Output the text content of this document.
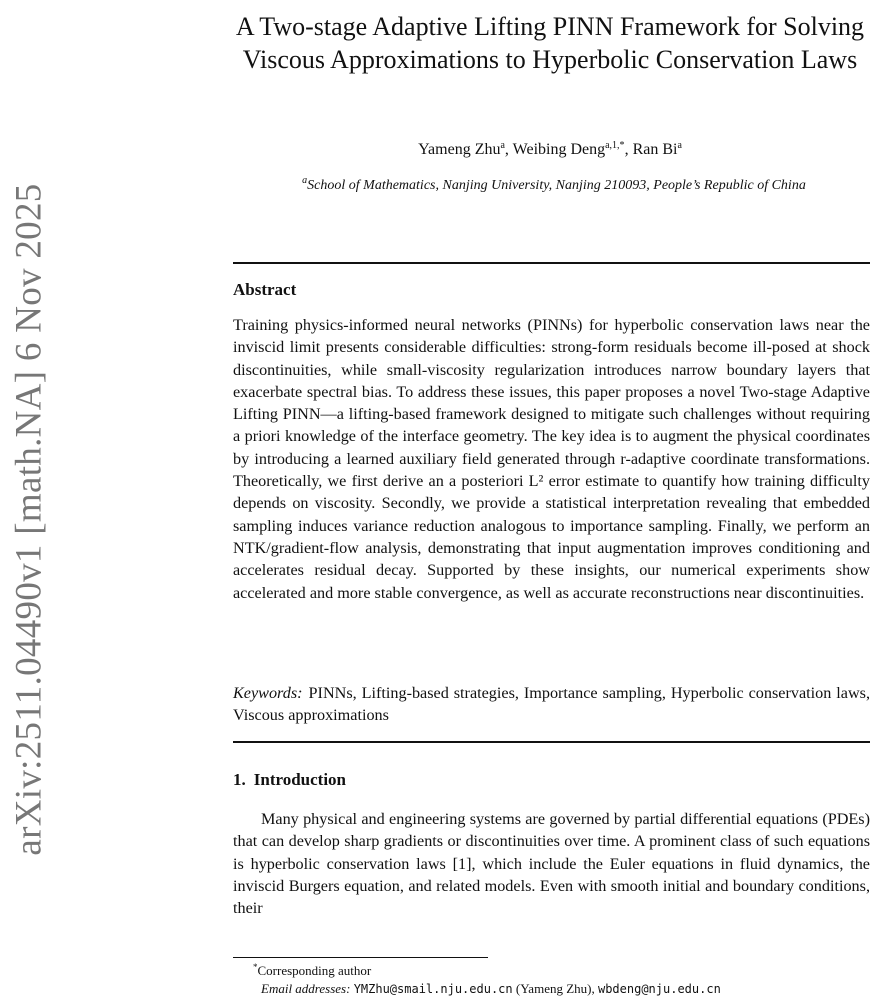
arXiv:2511.04490v1 [math.NA] 6 Nov 2025
A Two-stage Adaptive Lifting PINN Framework for Solving Viscous Approximations to Hyperbolic Conservation Laws
Yameng Zhu$^a$, Weibing Deng$^{a,1,*}$, Ran Bi$^a$
$^a$School of Mathematics, Nanjing University, Nanjing 210093, People’s Republic of China
Abstract
Training physics-informed neural networks (PINNs) for hyperbolic conservation laws near the inviscid limit presents considerable difficulties: strong-form residuals become ill-posed at shock discontinuities, while small-viscosity regularization introduces narrow boundary layers that exacerbate spectral bias. To address these issues, this paper proposes a novel Two-stage Adaptive Lifting PINN—a lifting-based framework designed to mitigate such challenges without requiring a priori knowledge of the interface geometry. The key idea is to augment the physical coordinates by introducing a learned auxiliary field generated through r-adaptive coordinate transformations. Theoretically, we first derive an a posteriori L² error estimate to quantify how training difficulty depends on viscosity. Secondly, we provide a statistical interpretation revealing that embedded sampling induces variance reduction analogous to importance sampling. Finally, we perform an NTK/gradient-flow analysis, demonstrating that input augmentation improves conditioning and accelerates residual decay. Supported by these insights, our numerical experiments show accelerated and more stable convergence, as well as accurate reconstructions near discontinuities.
Keywords: PINNs, Lifting-based strategies, Importance sampling, Hyperbolic conservation laws, Viscous approximations
1. Introduction
Many physical and engineering systems are governed by partial differential equations (PDEs) that can develop sharp gradients or discontinuities over time. A prominent class of such equations is hyperbolic conservation laws [1], which include the Euler equations in fluid dynamics, the inviscid Burgers equation, and related models. Even with smooth initial and boundary conditions, their
*Corresponding author
Email addresses: YMZhu@smail.nju.edu.cn (Yameng Zhu), wbdeng@nju.edu.cn
